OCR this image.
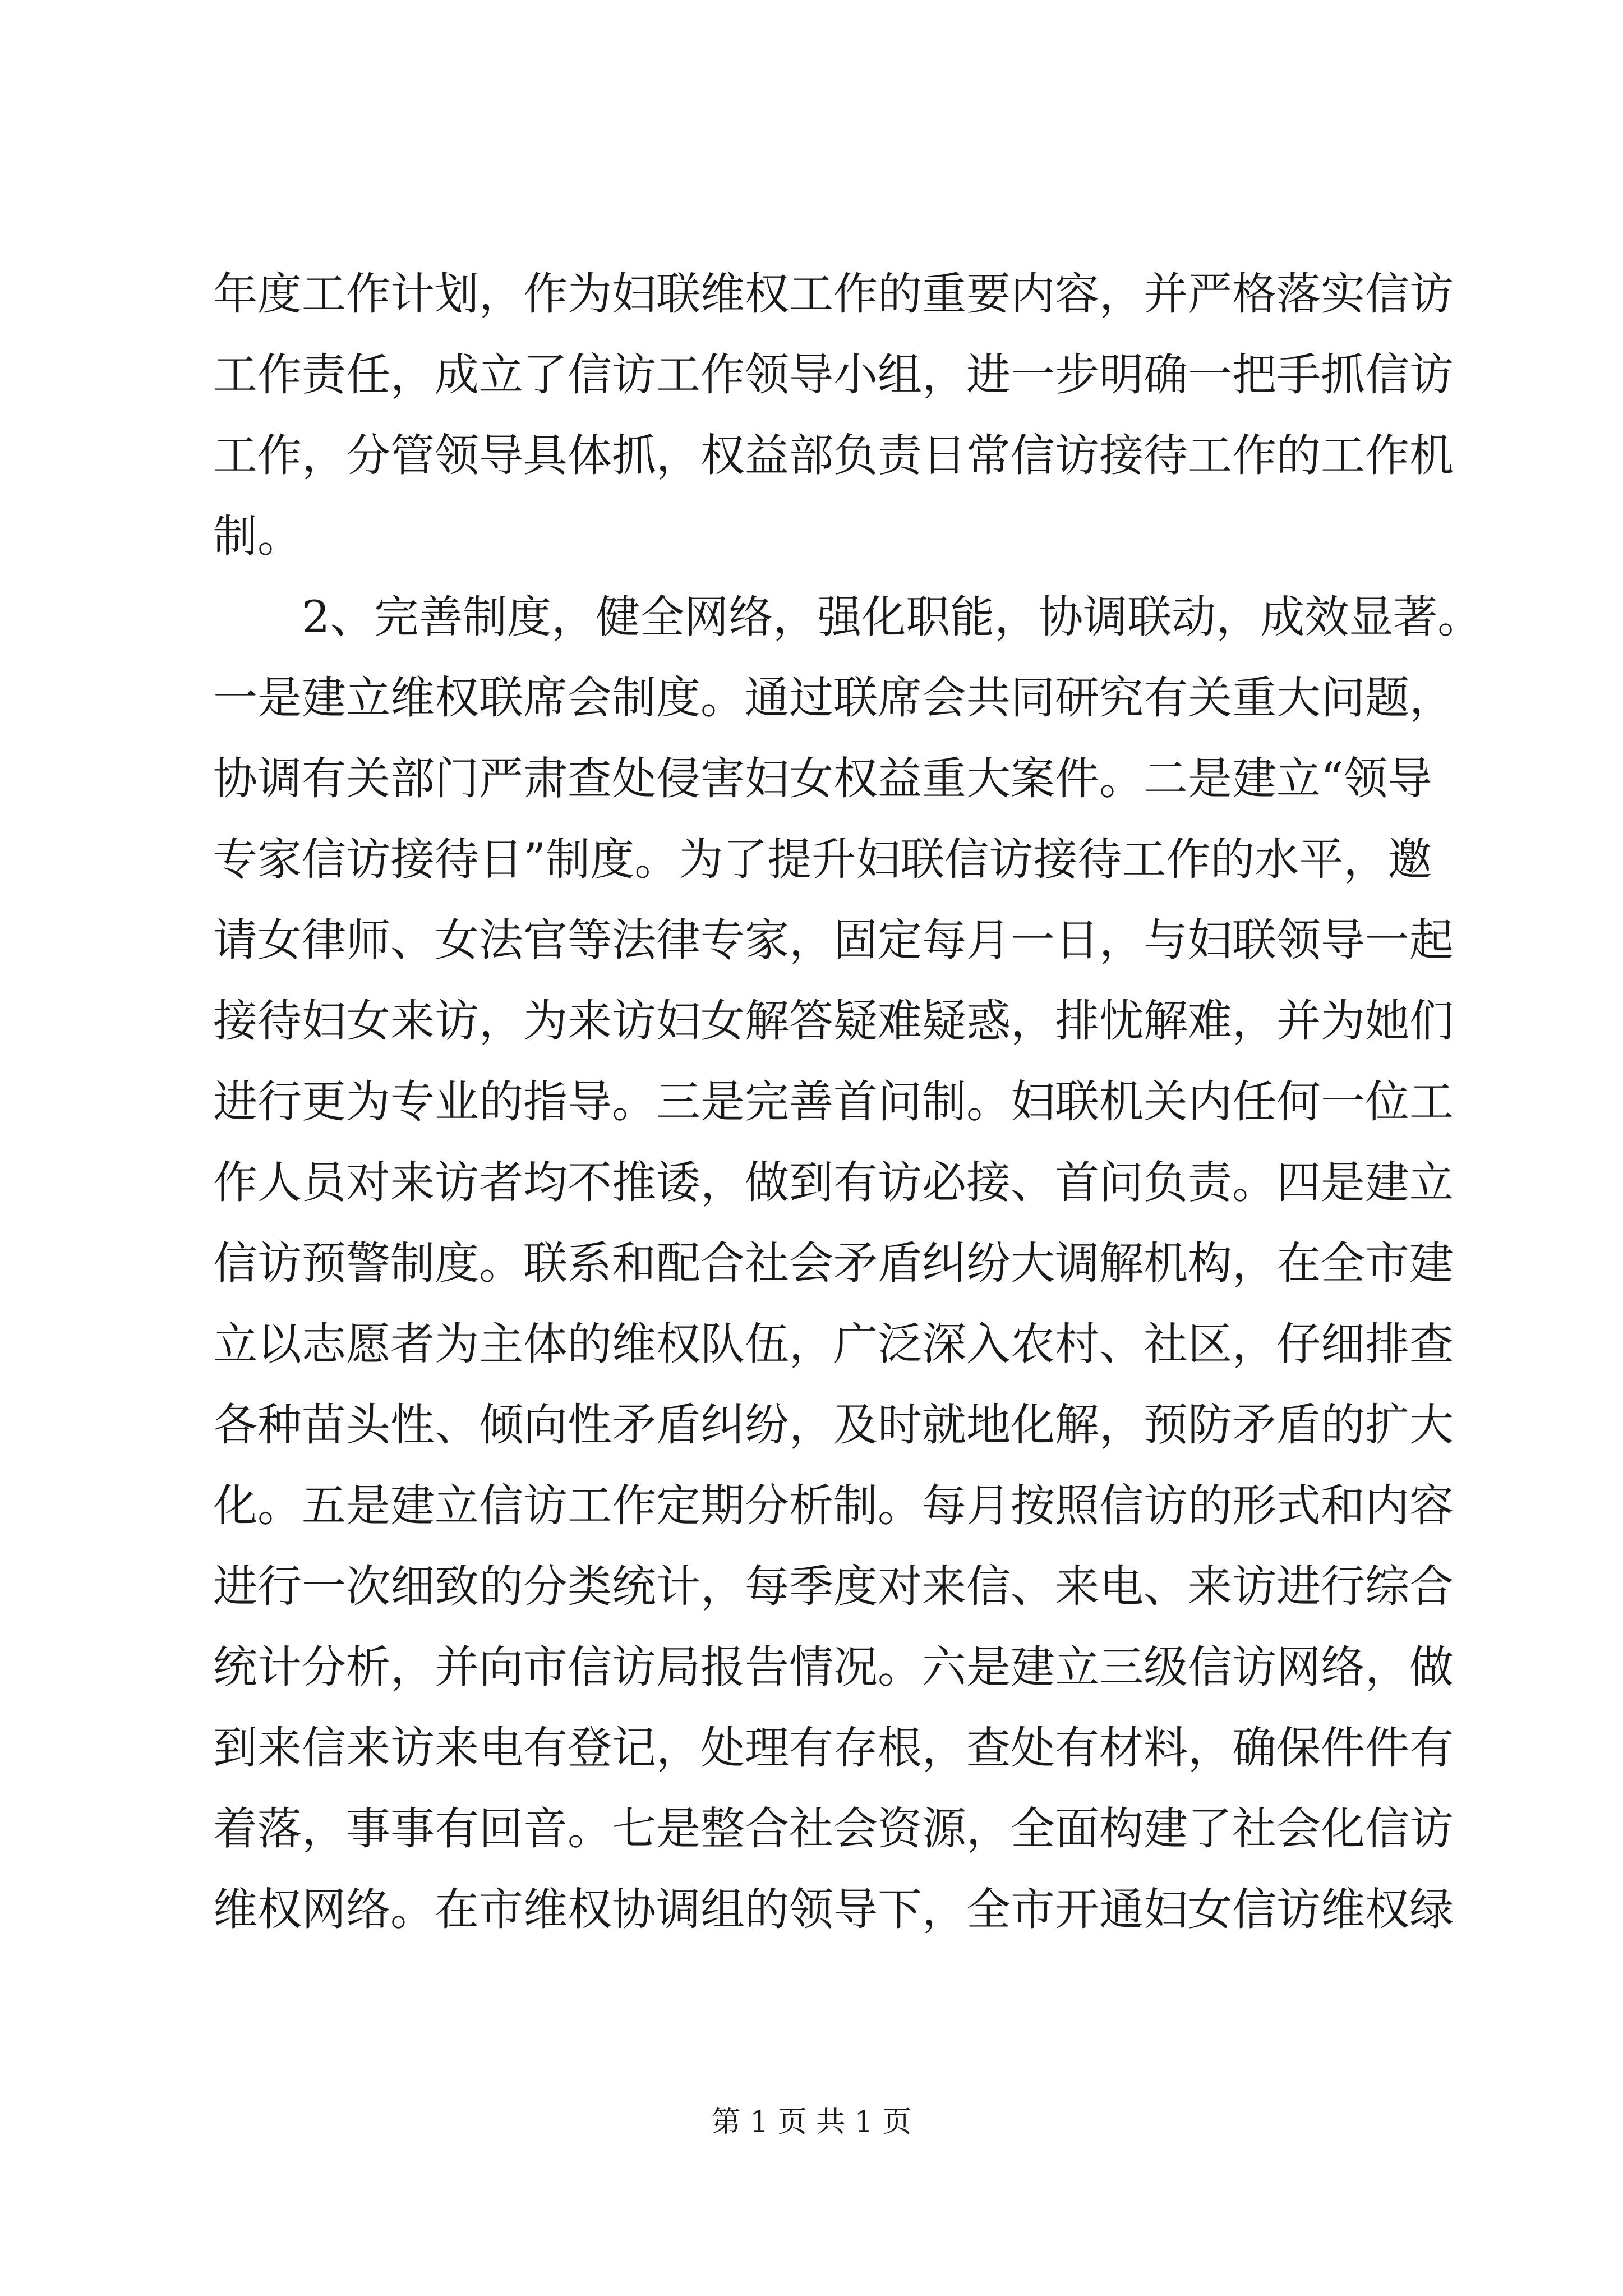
年度工作计划，作为妇联维权工作的重要内容，并严格落实信访
工作责任，成立了信访工作领导小组，进一步明确一把手抓信访
工作，分管领导具体抓，权益部负责日常信访接待工作的工作机
制。
2、完善制度，健全网络，强化职能，协调联动，成效显著。
一是建立维权联席会制度。通过联席会共同研究有关重大问题，
协调有关部门严肃查处侵害妇女权益重大案件。二是建立“领导
专家信访接待日”制度。为了提升妇联信访接待工作的水平，邀
请女律师、女法官等法律专家，固定每月一日，与妇联领导一起
接待妇女来访，为来访妇女解答疑难疑惑，排忧解难，并为她们
进行更为专业的指导。三是完善首问制。妇联机关内任何一位工
作人员对来访者均不推诿，做到有访必接、首问负责。四是建立
信访预警制度。联系和配合社会矛盾纠纷大调解机构，在全市建
立以志愿者为主体的维权队伍，广泛深入农村、社区，仔细排查
各种苗头性、倾向性矛盾纠纷，及时就地化解，预防矛盾的扩大
化。五是建立信访工作定期分析制。每月按照信访的形式和内容
进行一次细致的分类统计，每季度对来信、来电、来访进行综合
统计分析，并向市信访局报告情况。六是建立三级信访网络，做
到来信来访来电有登记，处理有存根，查处有材料，确保件件有
着落，事事有回音。七是整合社会资源，全面构建了社会化信访
维权网络。在市维权协调组的领导下，全市开通妇女信访维权绿
第 1 页 共 1 页
